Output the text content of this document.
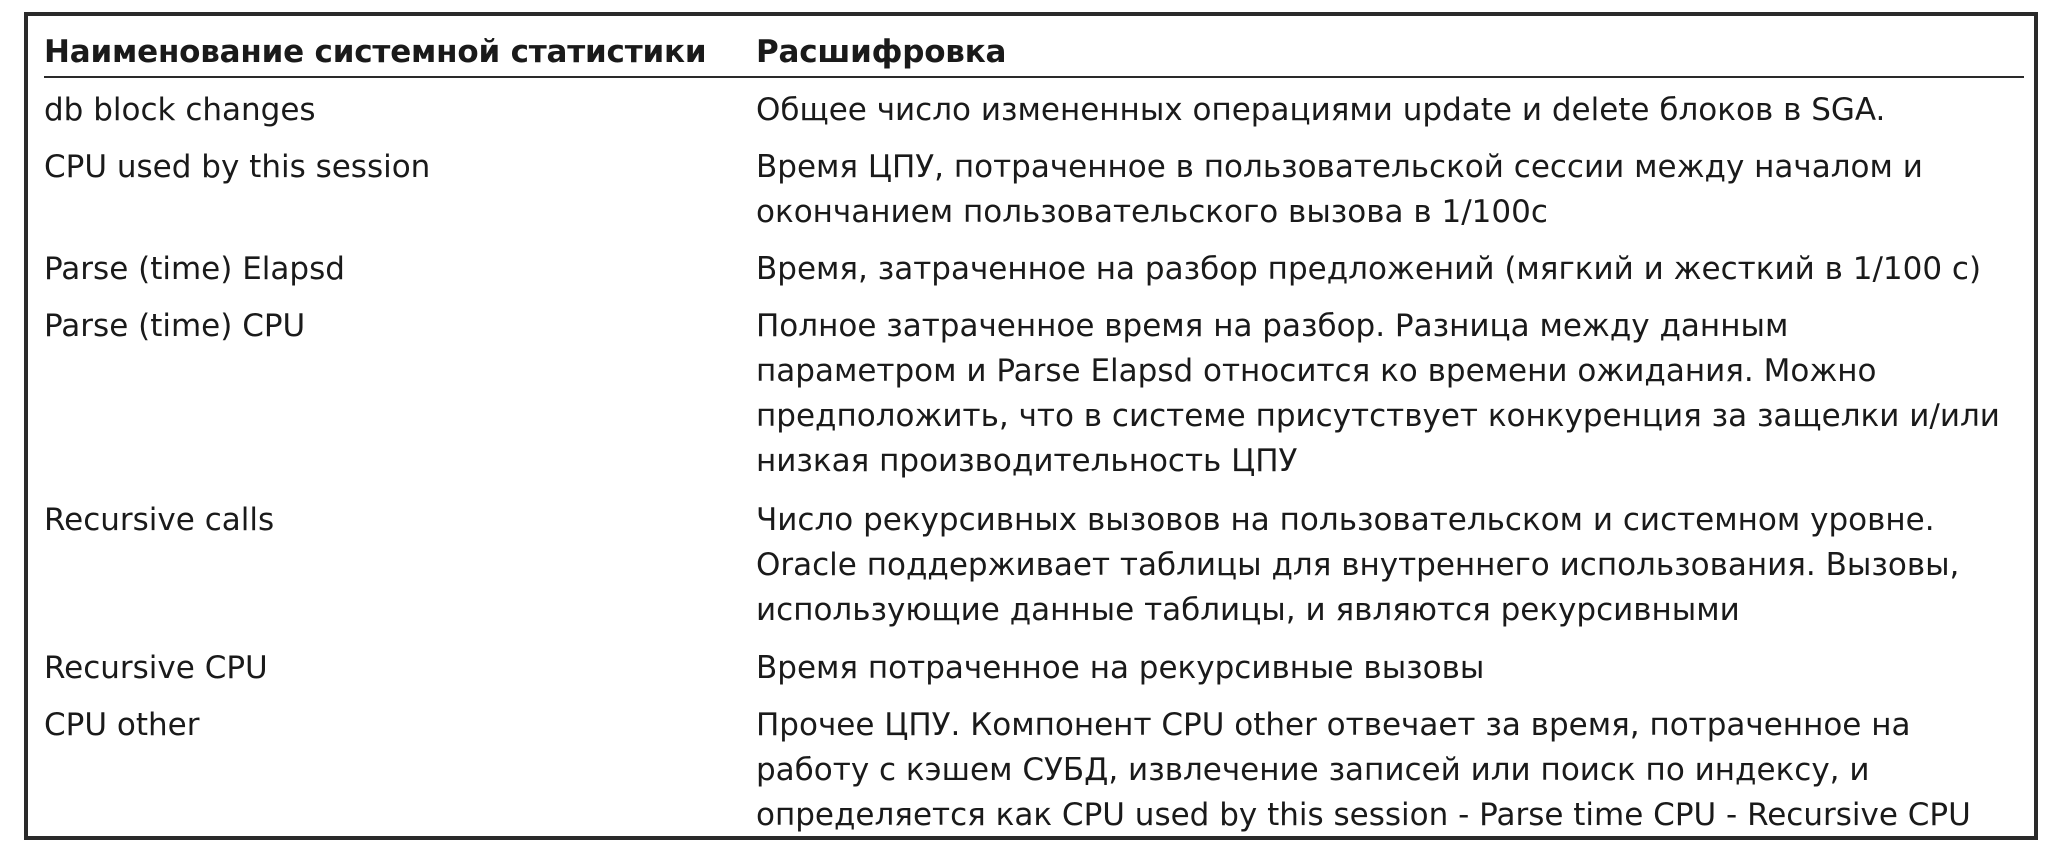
Наименование системной статистики Расшифровка
db block changes	Общее число измененных операциями update и delete блоков в SGA.
CPU used by this session	Время ЦПУ, потраченное в пользовательской сессии между началом и
окончанием пользовательского вызова в 1/100с
Parse (time) Elapsd	Время, затраченное на разбор предложений (мягкий и жесткий в 1/100 с)
Parse (time) CPU	Полное затраченное время на разбор. Разница между данным
параметром и Parse Elapsd относится ко времени ожидания. Можно
предположить, что в системе присутствует конкуренция за защелки и/или
низкая производительность ЦПУ
Recursive calls	Число рекурсивных вызовов на пользовательском и системном уровне.
Oracle поддерживает таблицы для внутреннего использования. Вызовы,
использующие данные таблицы, и являются рекурсивными
Recursive CPU	Время потраченное на рекурсивные вызовы
CPU other	Прочее ЦПУ. Компонент CPU other отвечает за время, потраченное на
работу с кэшем СУБД, извлечение записей или поиск по индексу, и
определяется как CPU used by this session - Parse time CPU - Recursive CPU
